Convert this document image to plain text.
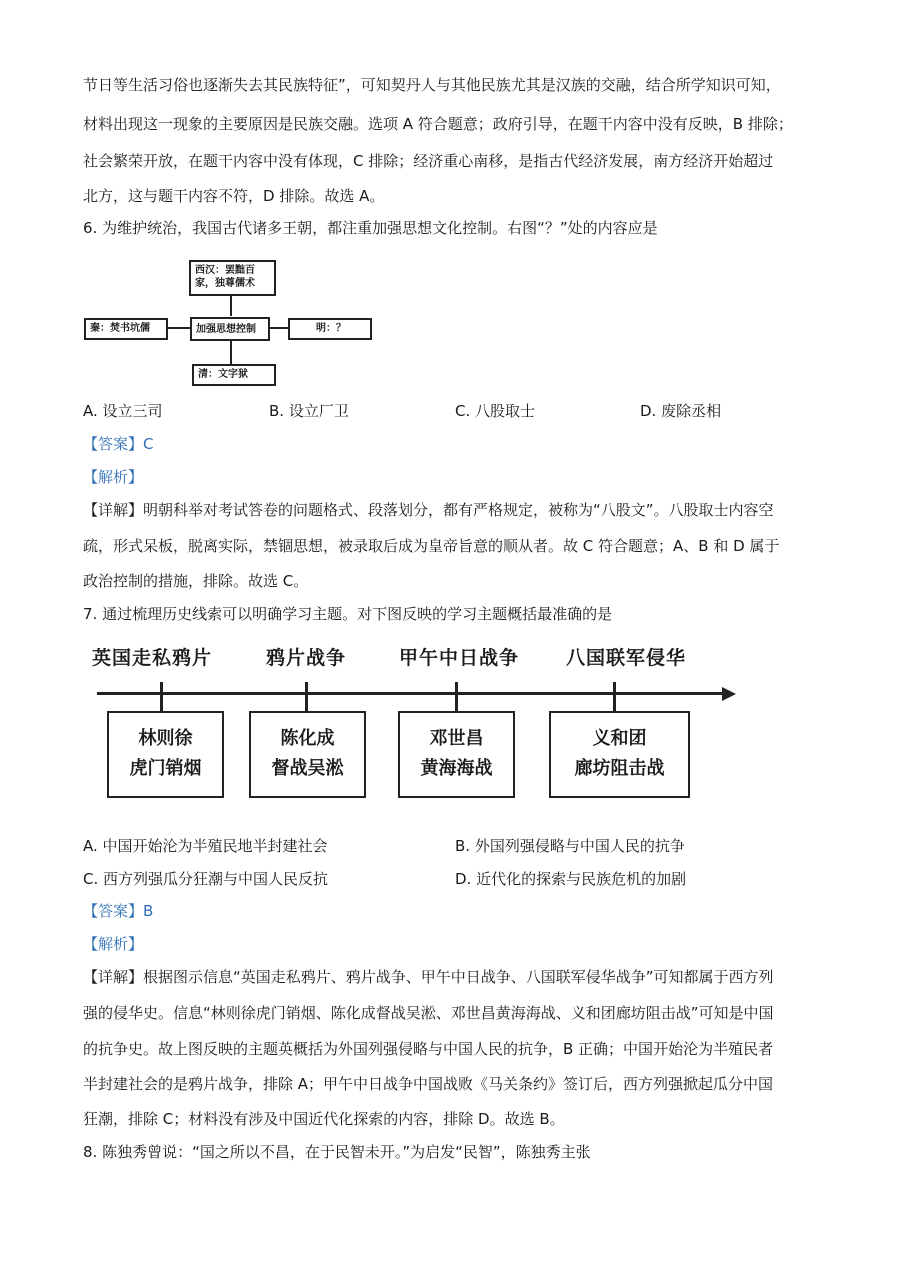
节日等生活习俗也逐渐失去其民族特征”，可知契丹人与其他民族尤其是汉族的交融，结合所学知识可知，
材料出现这一现象的主要原因是民族交融。选项 A 符合题意；政府引导，在题干内容中没有反映，B 排除；
社会繁荣开放，在题干内容中没有体现，C 排除；经济重心南移，是指古代经济发展，南方经济开始超过
北方，这与题干内容不符，D 排除。故选 A。
6. 为维护统治，我国古代诸多王朝，都注重加强思想文化控制。右图“？”处的内容应是
西汉：罢黜百
家，独尊儒术
秦：焚书坑儒	加强思想控制	明：？
清：文字狱
A. 设立三司	B. 设立厂卫	C. 八股取士	D. 废除丞相
【答案】C
【解析】
【详解】明朝科举对考试答卷的问题格式、段落划分，都有严格规定，被称为“八股文”。八股取士内容空
疏，形式呆板，脱离实际，禁锢思想，被录取后成为皇帝旨意的顺从者。故 C 符合题意；A、B 和 D 属于
政治控制的措施，排除。故选 C。
7. 通过梳理历史线索可以明确学习主题。对下图反映的学习主题概括最准确的是
英国走私鸦片	鸦片战争	甲午中日战争 八国联军侵华
林则徐
虎门销烟
陈化成
督战吴淞
邓世昌
黄海海战
义和团
廊坊阻击战
A. 中国开始沦为半殖民地半封建社会	B. 外国列强侵略与中国人民的抗争
C. 西方列强瓜分狂潮与中国人民反抗	D. 近代化的探索与民族危机的加剧
【答案】B
【解析】
【详解】根据图示信息“英国走私鸦片、鸦片战争、甲午中日战争、八国联军侵华战争”可知都属于西方列
强的侵华史。信息“林则徐虎门销烟、陈化成督战吴淞、邓世昌黄海海战、义和团廊坊阻击战”可知是中国
的抗争史。故上图反映的主题英概括为外国列强侵略与中国人民的抗争，B 正确；中国开始沦为半殖民者
半封建社会的是鸦片战争，排除 A；甲午中日战争中国战败《马关条约》签订后，西方列强掀起瓜分中国
狂潮，排除 C；材料没有涉及中国近代化探索的内容，排除 D。故选 B。
8. 陈独秀曾说：“国之所以不昌，在于民智未开。”为启发“民智”，陈独秀主张
